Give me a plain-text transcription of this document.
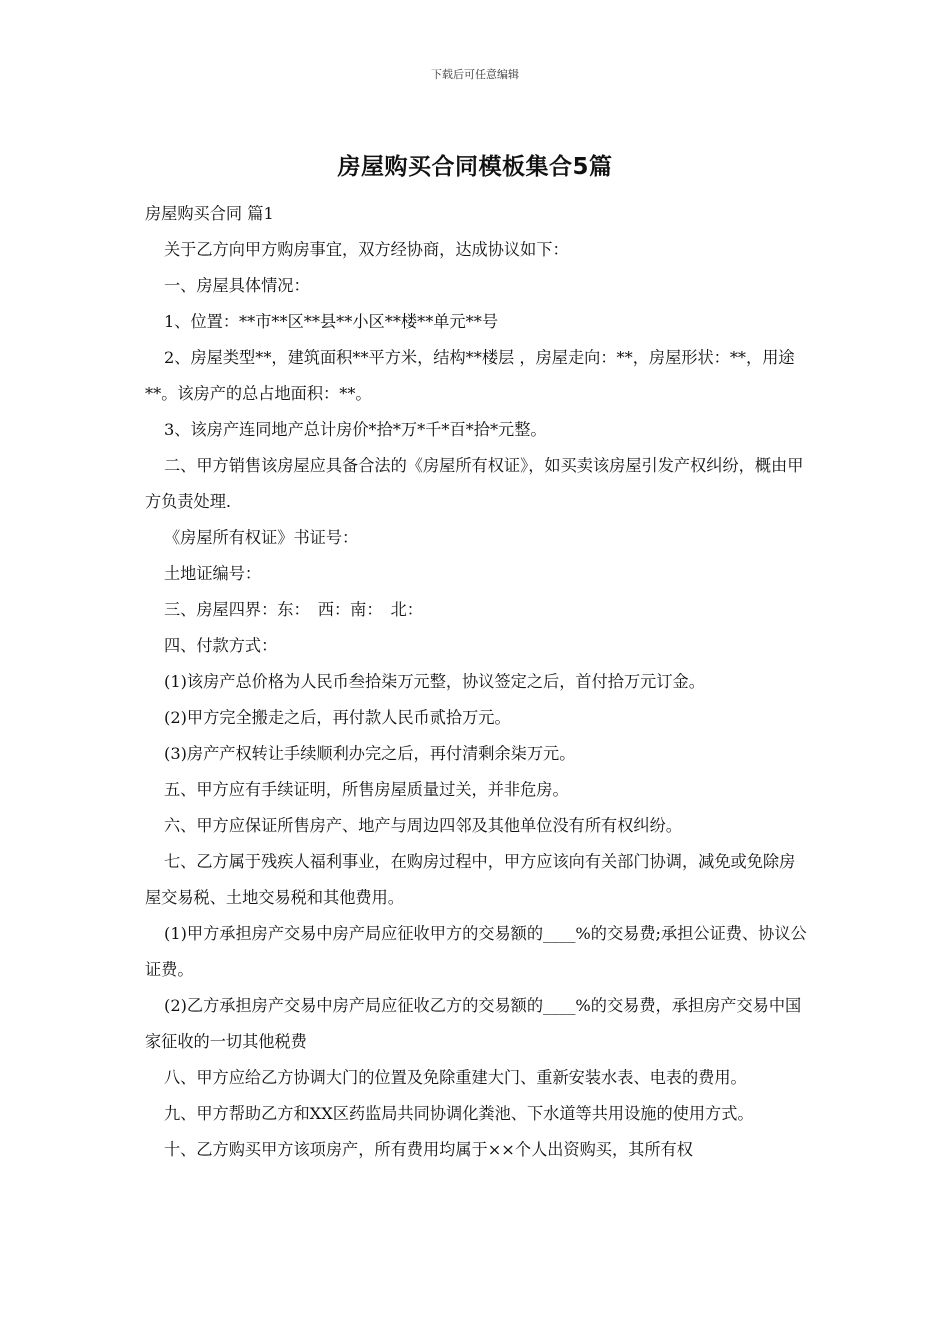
下载后可任意编辑
房屋购买合同模板集合5篇

房屋购买合同 篇1

关于乙方向甲方购房事宜，双方经协商，达成协议如下：

一、房屋具体情况：

1、位置：**市**区**县**小区**楼**单元**号

2、房屋类型**，建筑面积**平方米，结构**楼层 ，房屋走向：**，房屋形状：**，用途**。该房产的总占地面积：**。

3、该房产连同地产总计房价*拾*万*千*百*拾*元整。

二、甲方销售该房屋应具备合法的《房屋所有权证》，如买卖该房屋引发产权纠纷，概由甲方负责处理.

《房屋所有权证》书证号：

土地证编号：

三、房屋四界：东：　西：南：　北：

四、付款方式：

(1)该房产总价格为人民币叁拾柒万元整，协议签定之后，首付拾万元订金。

(2)甲方完全搬走之后，再付款人民币贰拾万元。

(3)房产产权转让手续顺利办完之后，再付清剩余柒万元。

五、甲方应有手续证明，所售房屋质量过关，并非危房。

六、甲方应保证所售房产、地产与周边四邻及其他单位没有所有权纠纷。

七、乙方属于残疾人福利事业，在购房过程中，甲方应该向有关部门协调，减免或免除房屋交易税、土地交易税和其他费用。

(1)甲方承担房产交易中房产局应征收甲方的交易额的____%的交易费;承担公证费、协议公证费。

(2)乙方承担房产交易中房产局应征收乙方的交易额的____%的交易费，承担房产交易中国家征收的一切其他税费

八、甲方应给乙方协调大门的位置及免除重建大门、重新安装水表、电表的费用。

九、甲方帮助乙方和XX区药监局共同协调化粪池、下水道等共用设施的使用方式。

十、乙方购买甲方该项房产，所有费用均属于××个人出资购买，其所有权
